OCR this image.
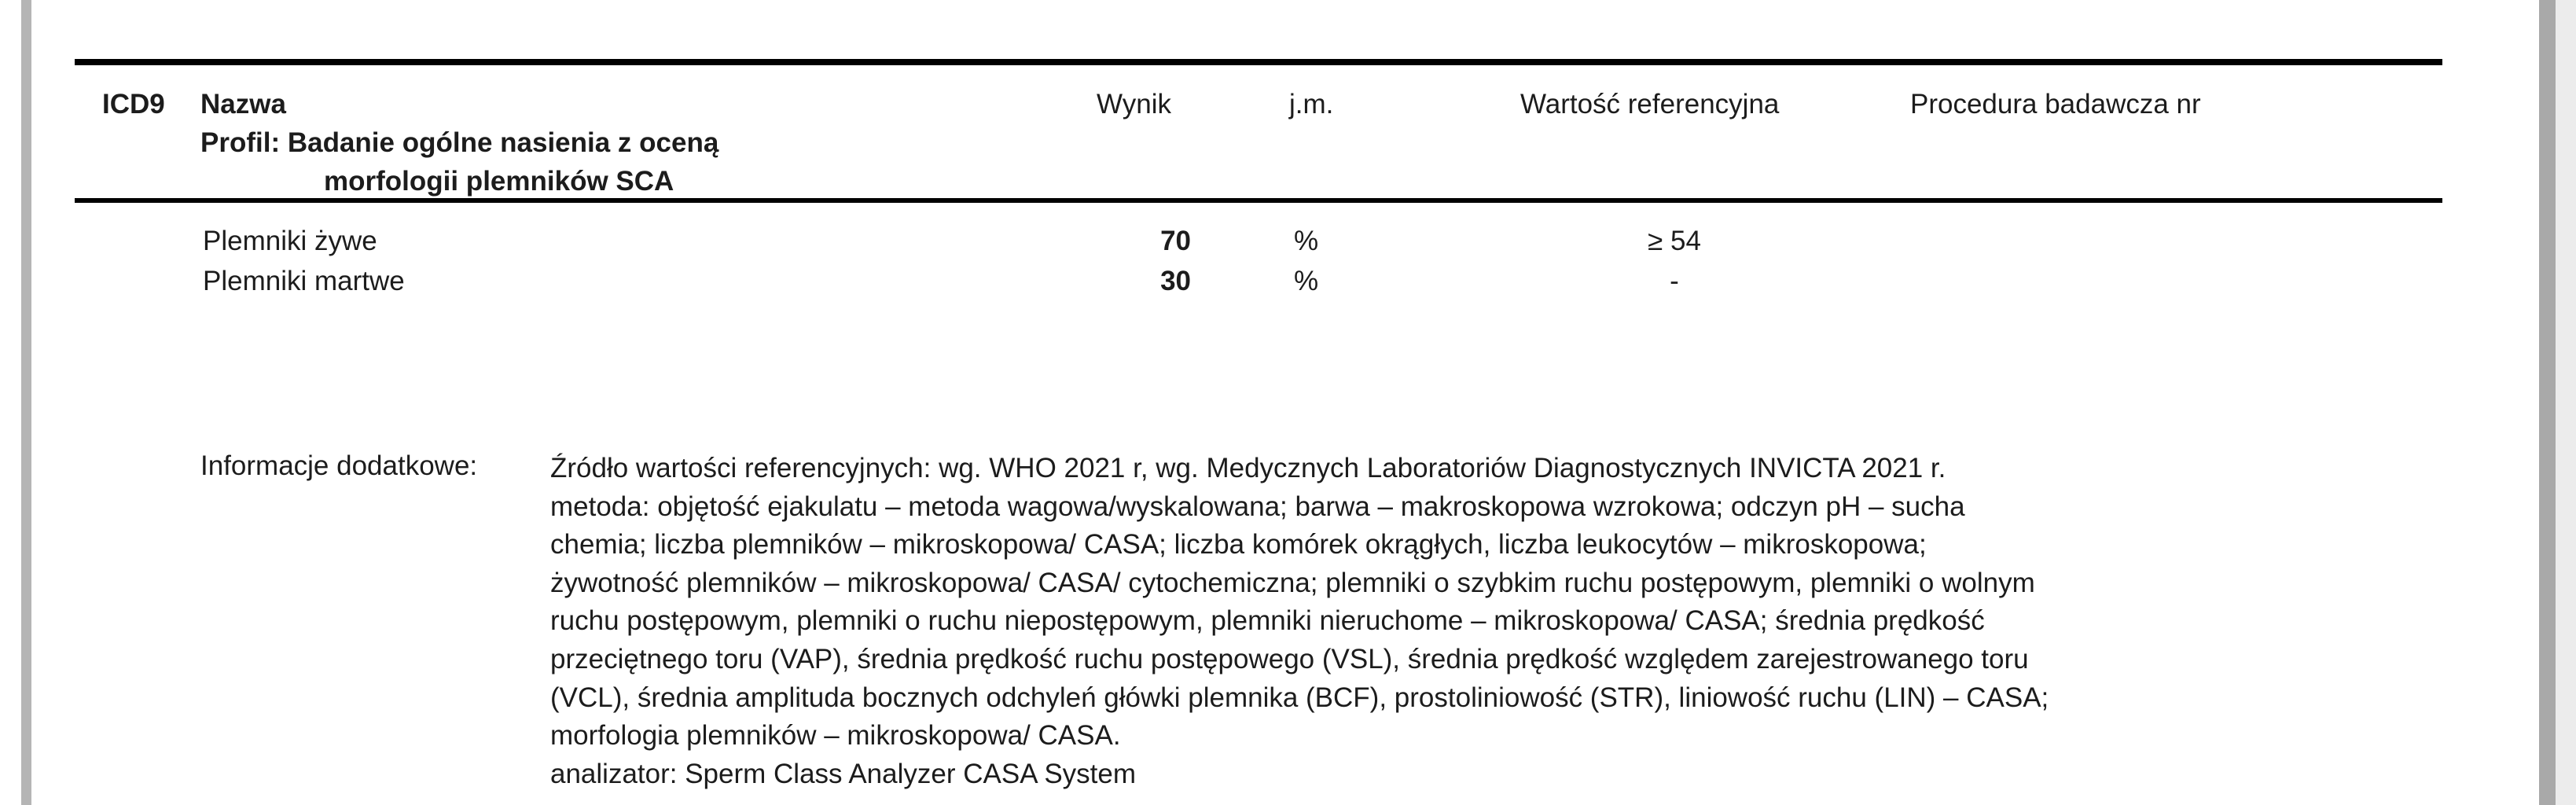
ICD9 Nazwa
Profil: Badanie ogólne nasienia z oceną
morfologii plemników SCA
Wynik	j.m.	Wartość referencyjna	Procedura badawcza nr
Plemniki żywe	70	%	≥ 54
Plemniki martwe	30	%	-
Informacje dodatkowe:	Źródło wartości referencyjnych: wg. WHO 2021 r, wg. Medycznych Laboratoriów Diagnostycznych INVICTA 2021 r.
metoda: objętość ejakulatu – metoda wagowa/wyskalowana; barwa – makroskopowa wzrokowa; odczyn pH – sucha
chemia; liczba plemników – mikroskopowa/ CASA; liczba komórek okrągłych, liczba leukocytów – mikroskopowa;
żywotność plemników – mikroskopowa/ CASA/ cytochemiczna; plemniki o szybkim ruchu postępowym, plemniki o wolnym
ruchu postępowym, plemniki o ruchu niepostępowym, plemniki nieruchome – mikroskopowa/ CASA; średnia prędkość
przeciętnego toru (VAP), średnia prędkość ruchu postępowego (VSL), średnia prędkość względem zarejestrowanego toru
(VCL), średnia amplituda bocznych odchyleń główki plemnika (BCF), prostoliniowość (STR), liniowość ruchu (LIN) – CASA;
morfologia plemników – mikroskopowa/ CASA.
analizator: Sperm Class Analyzer CASA System
